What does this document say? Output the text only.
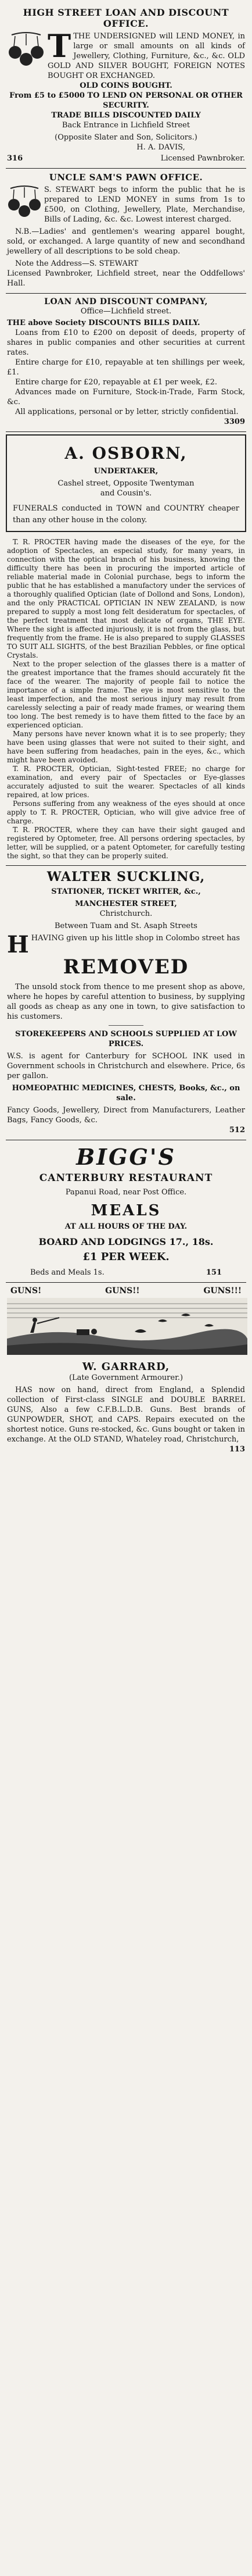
HIGH STREET LOAN AND DISCOUNT OFFICE.
T THE UNDERSIGNED will LEND MONEY, in large or small amounts on all kinds of Jewellery, Clothing, Furniture, &c., &c. OLD GOLD AND SILVER BOUGHT, FOREIGN NOTES BOUGHT OR EXCHANGED.
OLD COINS BOUGHT.
From £5 to £5000 TO LEND ON PERSONAL OR OTHER SECURITY.
TRADE BILLS DISCOUNTED DAILY
Back Entrance in Lichfield Street
(Opposite Slater and Son, Solicitors.)
H. A. DAVIS,
316	Licensed Pawnbroker.
UNCLE SAM'S PAWN OFFICE.
S. STEWART begs to inform the public that he is prepared to LEND MONEY in sums from 1s to £500, on Clothing, Jewellery, Plate, Merchandise, Bills of Lading, &c. &c. Lowest interest charged.
N.B.—Ladies' and gentlemen's wearing apparel bought, sold, or exchanged. A large quantity of new and secondhand jewellery of all descriptions to be sold cheap.
Note the Address—S. STEWART
Licensed Pawnbroker, Lichfield street, near the Oddfellows' Hall.
LOAN AND DISCOUNT COMPANY,
Office—Lichfield street.
THE above Society DISCOUNTS BILLS DAILY.
Loans from £10 to £200 on deposit of deeds, property of shares in public companies and other securities at current rates.
Entire charge for £10, repayable at ten shillings per week, £1.
Entire charge for £20, repayable at £1 per week, £2.
Advances made on Furniture, Stock-in-Trade, Farm Stock, &c.
All applications, personal or by letter, strictly confidential.
3309
A. OSBORN,
UNDERTAKER,
Cashel street, Opposite Twentyman
and Cousin's.
FUNERALS conducted in TOWN and COUNTRY cheaper than any other house in the colony.
T. R. PROCTER having made the diseases of the eye, for the adoption of Spectacles, an especial study, for many years, in connection with the optical branch of his business, knowing the difficulty there has been in procuring the imported article of reliable material made in Colonial purchase, begs to inform the public that he has established a manufactory under the services of a thoroughly qualified Optician (late of Dollond and Sons, London), and the only PRACTICAL OPTICIAN IN NEW ZEALAND, is now prepared to supply a most long felt desideratum for spectacles, of the perfect treatment that most delicate of organs, THE EYE. Where the sight is affected injuriously, it is not from the glass, but frequently from the frame. He is also prepared to supply GLASSES TO SUIT ALL SIGHTS, of the best Brazilian Pebbles, or fine optical Crystals.
Next to the proper selection of the glasses there is a matter of the greatest importance that the frames should accurately fit the face of the wearer. The majority of people fail to notice the importance of a simple frame. The eye is most sensitive to the least imperfection, and the most serious injury may result from carelessly selecting a pair of ready made frames, or wearing them too long. The best remedy is to have them fitted to the face by an experienced optician.
Many persons have never known what it is to see properly; they have been using glasses that were not suited to their sight, and have been suffering from headaches, pain in the eyes, &c., which might have been avoided.
T. R. PROCTER, Optician, Sight-tested FREE; no charge for examination, and every pair of Spectacles or Eye-glasses accurately adjusted to suit the wearer. Spectacles of all kinds repaired, at low prices.
Persons suffering from any weakness of the eyes should at once apply to T. R. PROCTER, Optician, who will give advice free of charge.
T. R. PROCTER, where they can have their sight gauged and registered by Optometer, free. All persons ordering spectacles, by letter, will be supplied, or a patent Optometer, for carefully testing the sight, so that they can be properly suited.
WALTER SUCKLING,
STATIONER, TICKET WRITER, &c.,
MANCHESTER STREET,
Christchurch.
Between Tuam and St. Asaph Streets
H HAVING given up his little shop in Colombo street has
REMOVED
The unsold stock from thence to me present shop as above, where he hopes by careful attention to business, by supplying all goods as cheap as any one in town, to give satisfaction to his customers.
STOREKEEPERS AND SCHOOLS SUPPLIED AT LOW PRICES.
W.S. is agent for Canterbury for SCHOOL INK used in Government schools in Christchurch and elsewhere. Price, 6s per gallon.
HOMEOPATHIC MEDICINES, CHESTS, Books, &c., on sale.
Fancy Goods, Jewellery, Direct from Manufacturers, Leather Bags, Fancy Goods, &c.
512
BIGG'S
CANTERBURY RESTAURANT
Papanui Road, near Post Office.
MEALS
AT ALL HOURS OF THE DAY.
BOARD AND LODGINGS 17., 18s.
£1 PER WEEK.
Beds and Meals 1s.	151
GUNS!	GUNS!!	GUNS!!!
W. GARRARD,
(Late Government Armourer.)
HAS now on hand, direct from England, a Splendid collection of First-class SINGLE and DOUBLE BARREL GUNS, Also a few C.F.B.L.D.B. Guns. Best brands of GUNPOWDER, SHOT, and CAPS. Repairs executed on the shortest notice. Guns re-stocked, &c. Guns bought or taken in exchange. At the OLD STAND, Whateley road, Christchurch,
113
